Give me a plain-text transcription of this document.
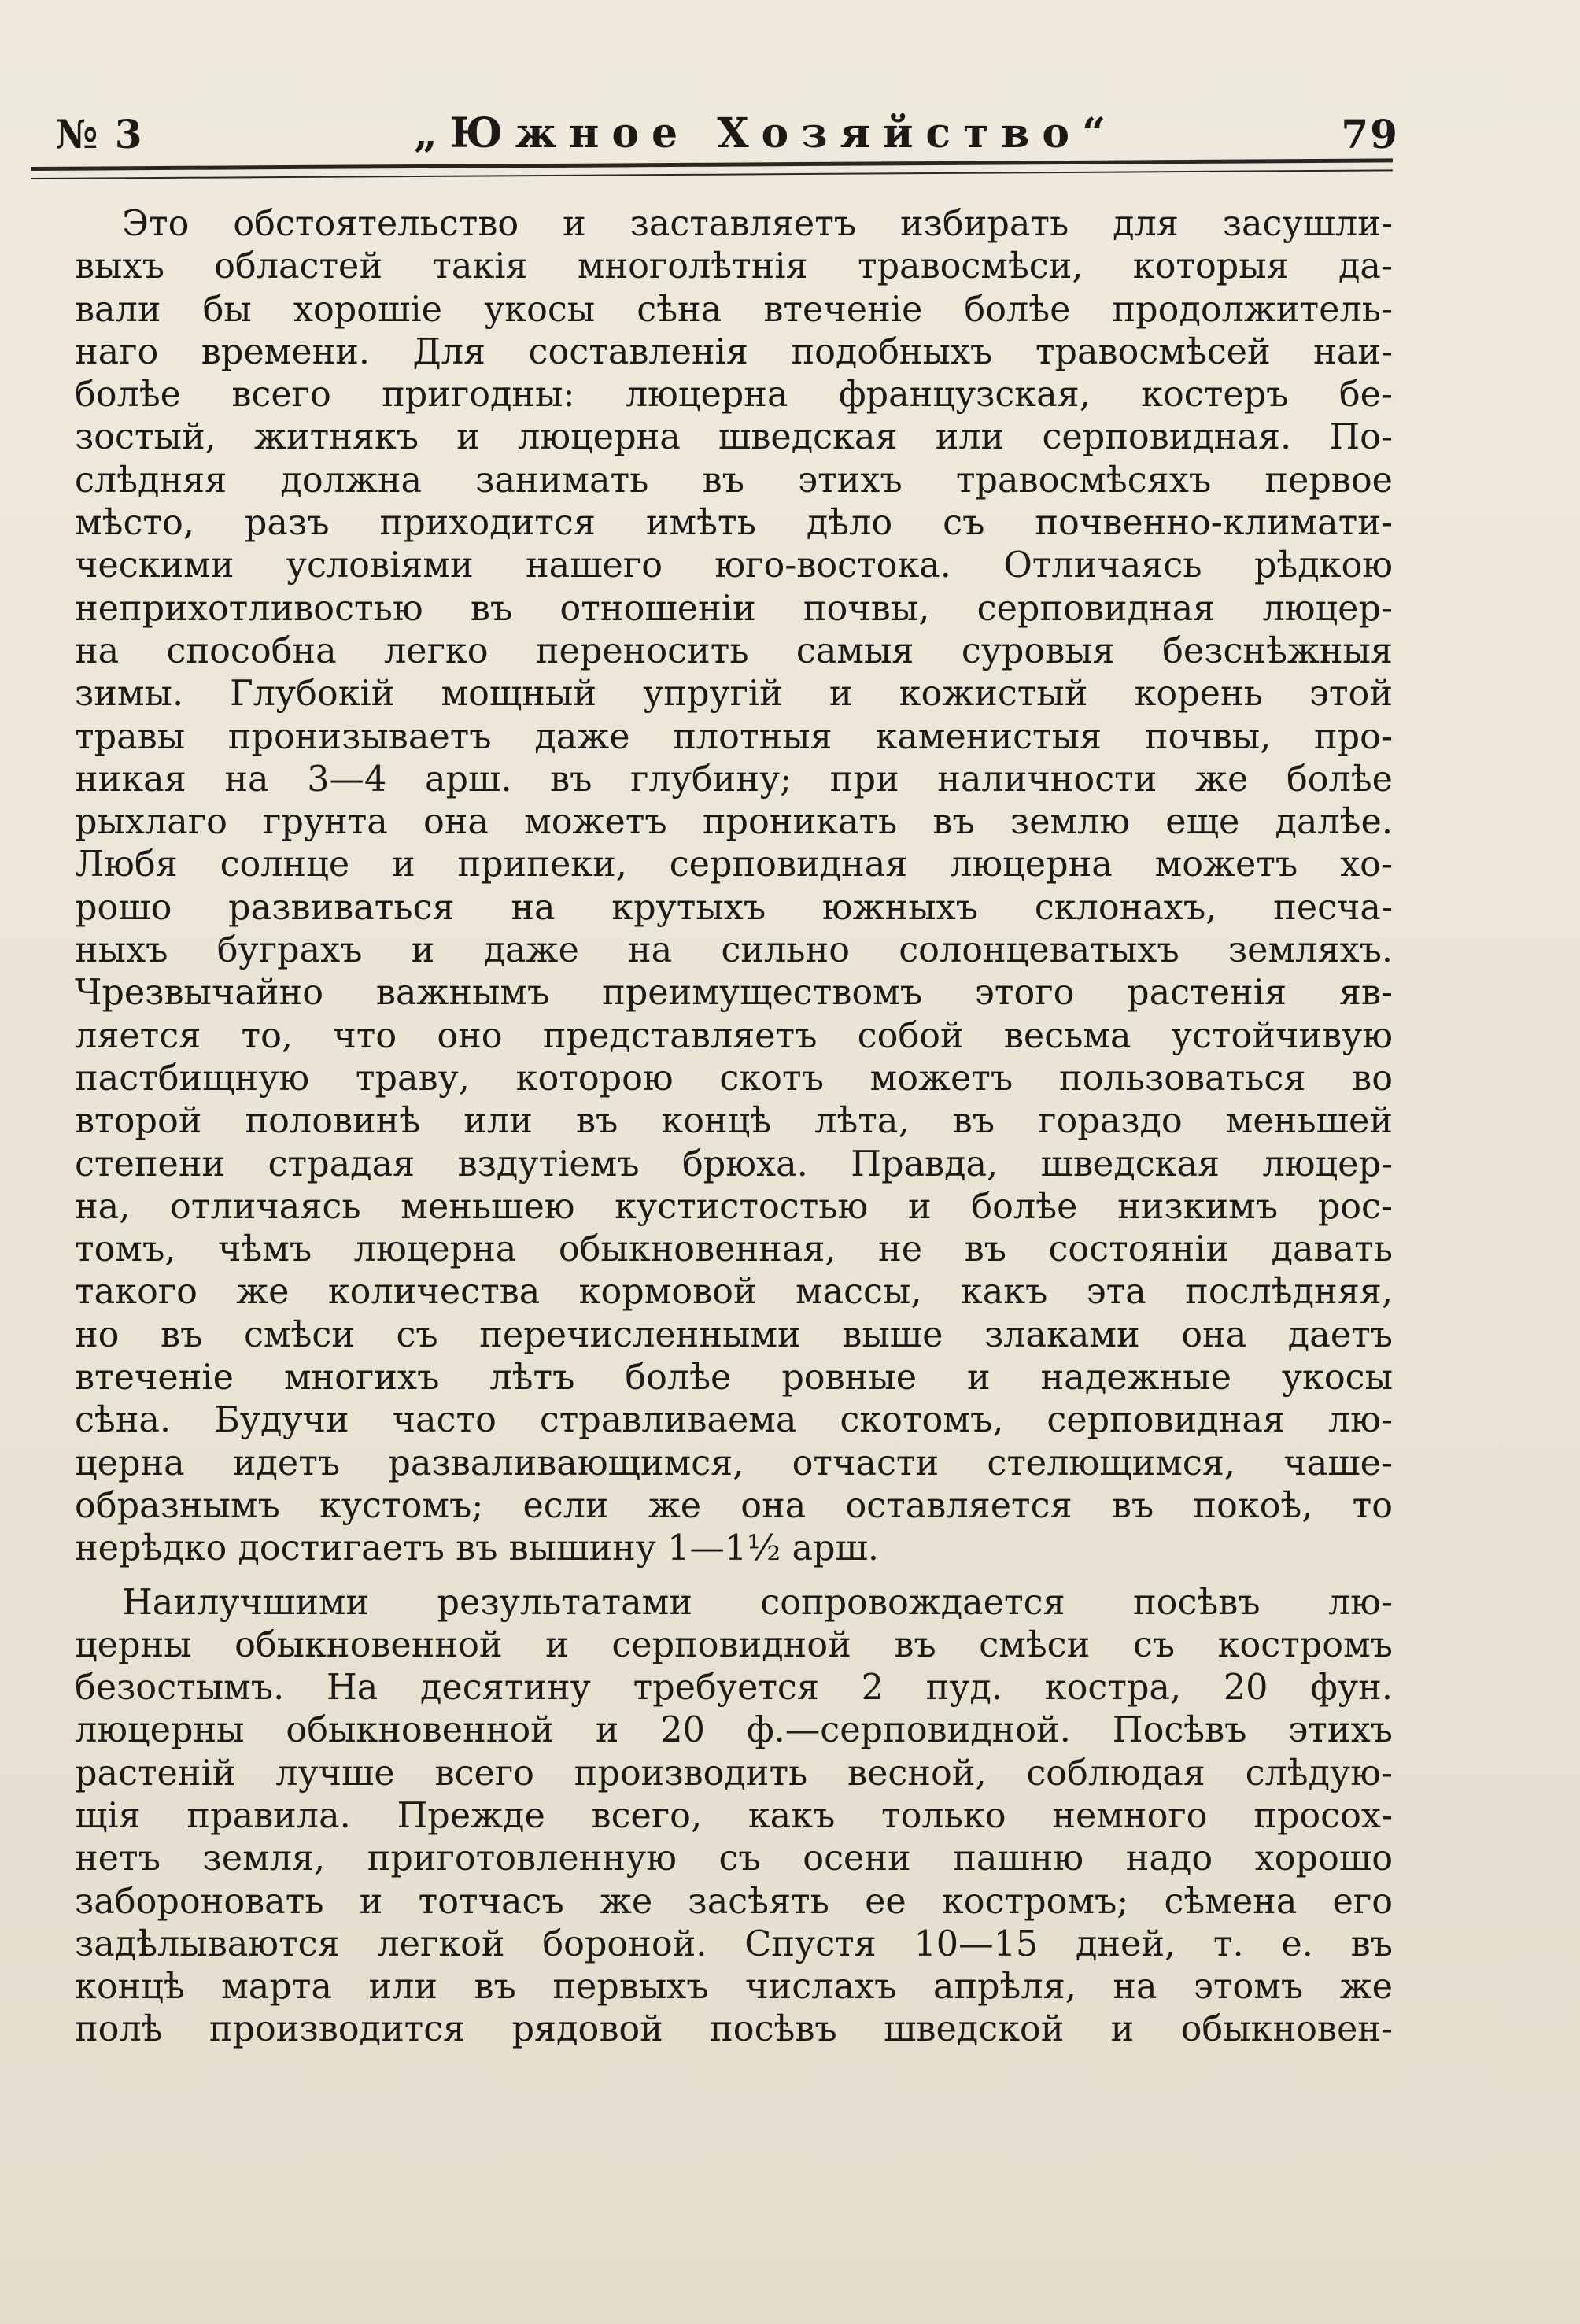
№ 3	„Южное Хозяйство“	79
Это обстоятельство и заставляетъ избирать для засушли-
выхъ областей такія многолѣтнія травосмѣси, которыя да-
вали бы хорошіе укосы сѣна втеченіе болѣе продолжитель-
наго времени. Для составленія подобныхъ травосмѣсей наи-
болѣе всего пригодны: люцерна французская, костеръ бе-
зостый, житнякъ и люцерна шведская или серповидная. По-
слѣдняя должна занимать въ этихъ травосмѣсяхъ первое
мѣсто, разъ приходится имѣть дѣло съ почвенно-климати-
ческими условіями нашего юго-востока. Отличаясь рѣдкою
неприхотливостью въ отношеніи почвы, серповидная люцер-
на способна легко переносить самыя суровыя безснѣжныя
зимы. Глубокій мощный упругій и кожистый корень этой
травы пронизываетъ даже плотныя каменистыя почвы, про-
никая на 3—4 арш. въ глубину; при наличности же болѣе
рыхлаго грунта она можетъ проникать въ землю еще далѣе.
Любя солнце и припеки, серповидная люцерна можетъ хо-
рошо развиваться на крутыхъ южныхъ склонахъ, песча-
ныхъ буграхъ и даже на сильно солонцеватыхъ земляхъ.
Чрезвычайно важнымъ преимуществомъ этого растенія яв-
ляется то, что оно представляетъ собой весьма устойчивую
пастбищную траву, которою скотъ можетъ пользоваться во
второй половинѣ или въ концѣ лѣта, въ гораздо меньшей
степени страдая вздутіемъ брюха. Правда, шведская люцер-
на, отличаясь меньшею кустистостью и болѣе низкимъ рос-
томъ, чѣмъ люцерна обыкновенная, не въ состояніи давать
такого же количества кормовой массы, какъ эта послѣдняя,
но въ смѣси съ перечисленными выше злаками она даетъ
втеченіе многихъ лѣтъ болѣе ровные и надежные укосы
сѣна. Будучи часто стравливаема скотомъ, серповидная лю-
церна идетъ разваливающимся, отчасти стелющимся, чаше-
образнымъ кустомъ; если же она оставляется въ покоѣ, то
нерѣдко достигаетъ въ вышину 1—1½ арш.
Наилучшими результатами сопровождается посѣвъ лю-
церны обыкновенной и серповидной въ смѣси съ костромъ
безостымъ. На десятину требуется 2 пуд. костра, 20 фун.
люцерны обыкновенной и 20 ф.—серповидной. Посѣвъ этихъ
растеній лучше всего производить весной, соблюдая слѣдую-
щія правила. Прежде всего, какъ только немного просох-
нетъ земля, приготовленную съ осени пашню надо хорошо
заборонoвать и тотчасъ же засѣять ее костромъ; сѣмена его
задѣлываются легкой бороной. Спустя 10—15 дней, т. е. въ
концѣ марта или въ первыхъ числахъ апрѣля, на этомъ же
полѣ производится рядовой посѣвъ шведской и обыкновен-
